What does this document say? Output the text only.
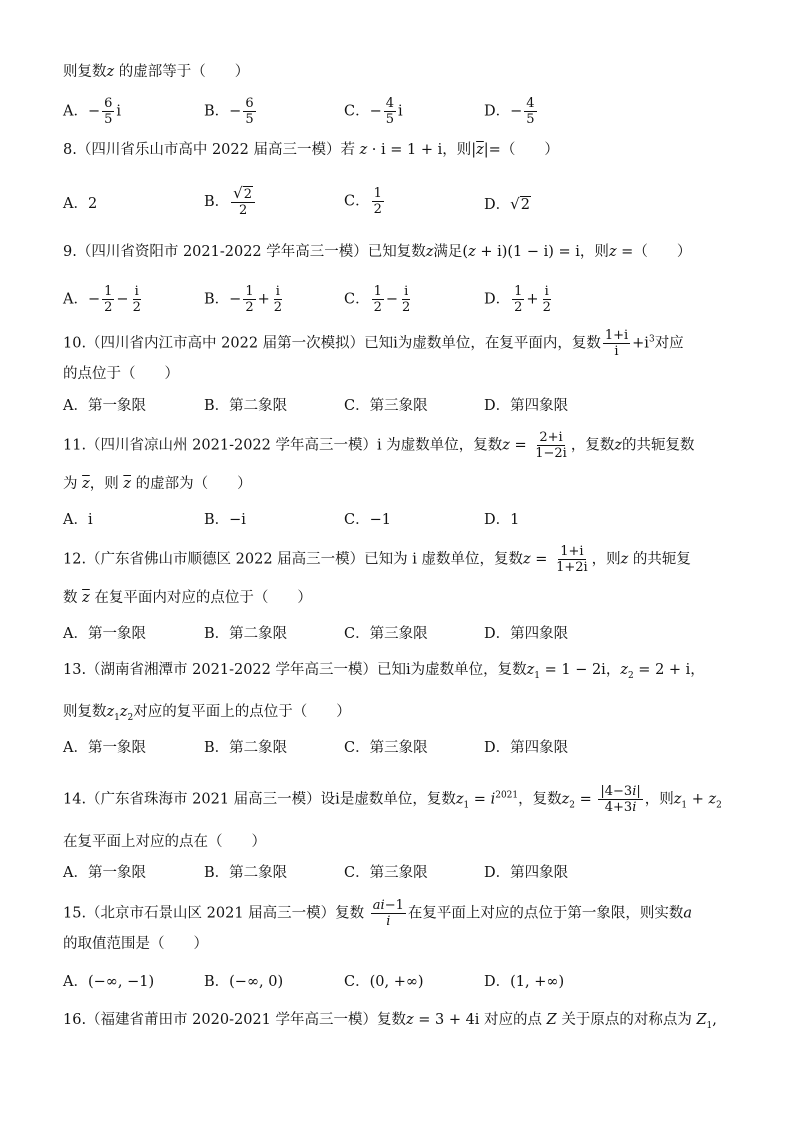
则复数z 的虚部等于（　　）
A．− $\frac{6}{5}$ i	B．− $\frac{6}{5}$	C．− $\frac{4}{5}$ i	D．− $\frac{4}{5}$
8.（四川省乐山市高中 2022 届高三一模）若 z · i = 1 + i，则$|\overline{z}|=$（　　）
A．2	B． $\frac{√2}{2}$	C． $\frac{1}{2}$	D．√2
9.（四川省资阳市 2021-2022 学年高三一模）已知复数z满足(z + i)(1 − i) = i，则z =（　　）
A．− $\frac{1}{2} - \frac{i}{2}$	B．− $\frac{1}{2} + \frac{i}{2}$	C． $\frac{1}{2} - \frac{i}{2}$	D． $\frac{1}{2} + \frac{i}{2}$
10.（四川省内江市高中 2022 届第一次模拟）已知i为虚数单位，在复平面内，复数 $\frac{1+i}{i} +i^3$对应
的点位于（　　）
A．第一象限	B．第二象限	C．第三象限	D．第四象限
11.（四川省凉山州 2021-2022 学年高三一模）i 为虚数单位，复数$z = \frac{2+i}{1-2i}$ ，复数z的共轭复数
为 $\overline{z}$，则 $\overline{z}$ 的虚部为（　　）
A．i	B．−i	C．−1	D．1
12.（广东省佛山市顺德区 2022 届高三一模）已知为 i 虚数单位，复数$z = \frac{1+i}{1+2i}$ ，则z 的共轭复
数 $\overline{z}$ 在复平面内对应的点位于（　　）
A．第一象限	B．第二象限	C．第三象限	D．第四象限
13.（湖南省湘潭市 2021-2022 学年高三一模）已知i为虚数单位，复数$z_1 = 1 - 2i$，$z_2 = 2 + i$，
则复数$z_1z_2$对应的复平面上的点位于（　　）
A．第一象限	B．第二象限	C．第三象限	D．第四象限
14.（广东省珠海市 2021 届高三一模）设i是虚数单位，复数$z_1 = i^{2021}$，复数$z_2 = \frac{|4-3i|}{4+3i}$ ，则$z_1 + z_2$
在复平面上对应的点在（　　）
A．第一象限	B．第二象限	C．第三象限	D．第四象限
15.（北京市石景山区 2021 届高三一模）复数 $\frac{ai-1}{i}$ 在复平面上对应的点位于第一象限，则实数a
的取值范围是（　　）
A．(−∞, −1)	B．(−∞, 0)	C．(0, +∞)	D．(1, +∞)
16.（福建省莆田市 2020-2021 学年高三一模）复数z = 3 + 4i 对应的点 Z 关于原点的对称点为 $Z_1$,
